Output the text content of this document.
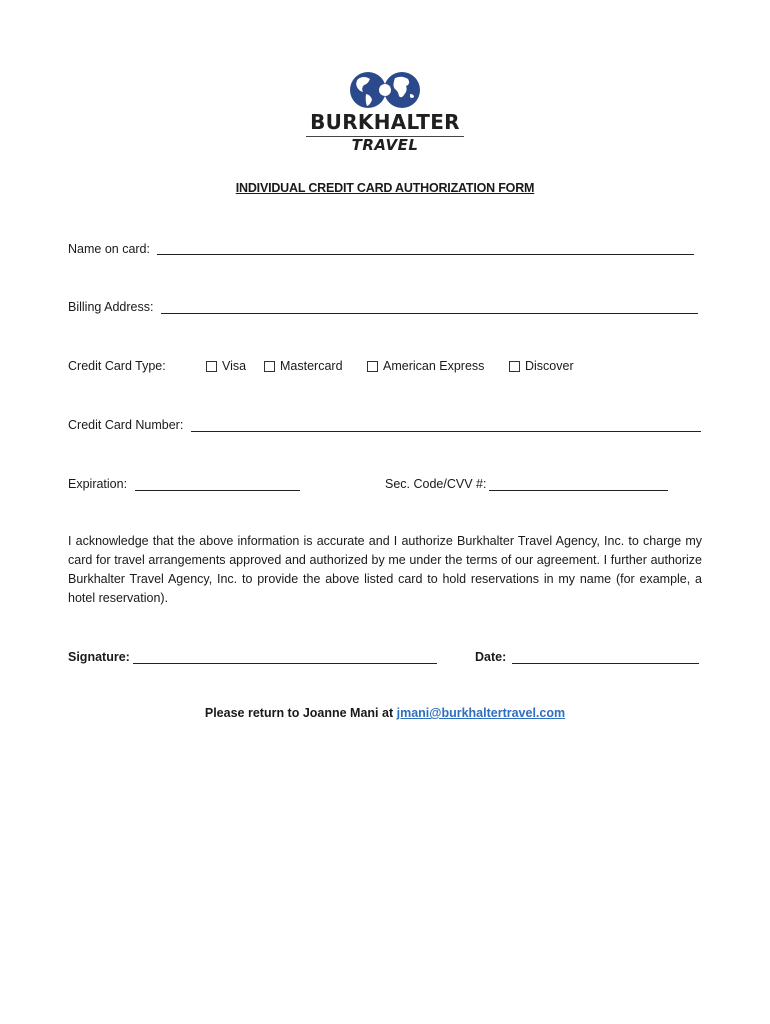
BURKHALTER
TRAVEL
INDIVIDUAL CREDIT CARD AUTHORIZATION FORM
Name on card:
Billing Address:
Credit Card Type:	Visa	Mastercard	American Express	Discover
Credit Card Number:
Expiration:	Sec. Code/CVV #:
I acknowledge that the above information is accurate and I authorize Burkhalter Travel Agency, Inc. to charge my card for travel arrangements approved and authorized by me under the terms of our agreement. I further authorize Burkhalter Travel Agency, Inc. to provide the above listed card to hold reservations in my name (for example, a hotel reservation).
Signature:	Date:
Please return to Joanne Mani at jmani@burkhaltertravel.com
